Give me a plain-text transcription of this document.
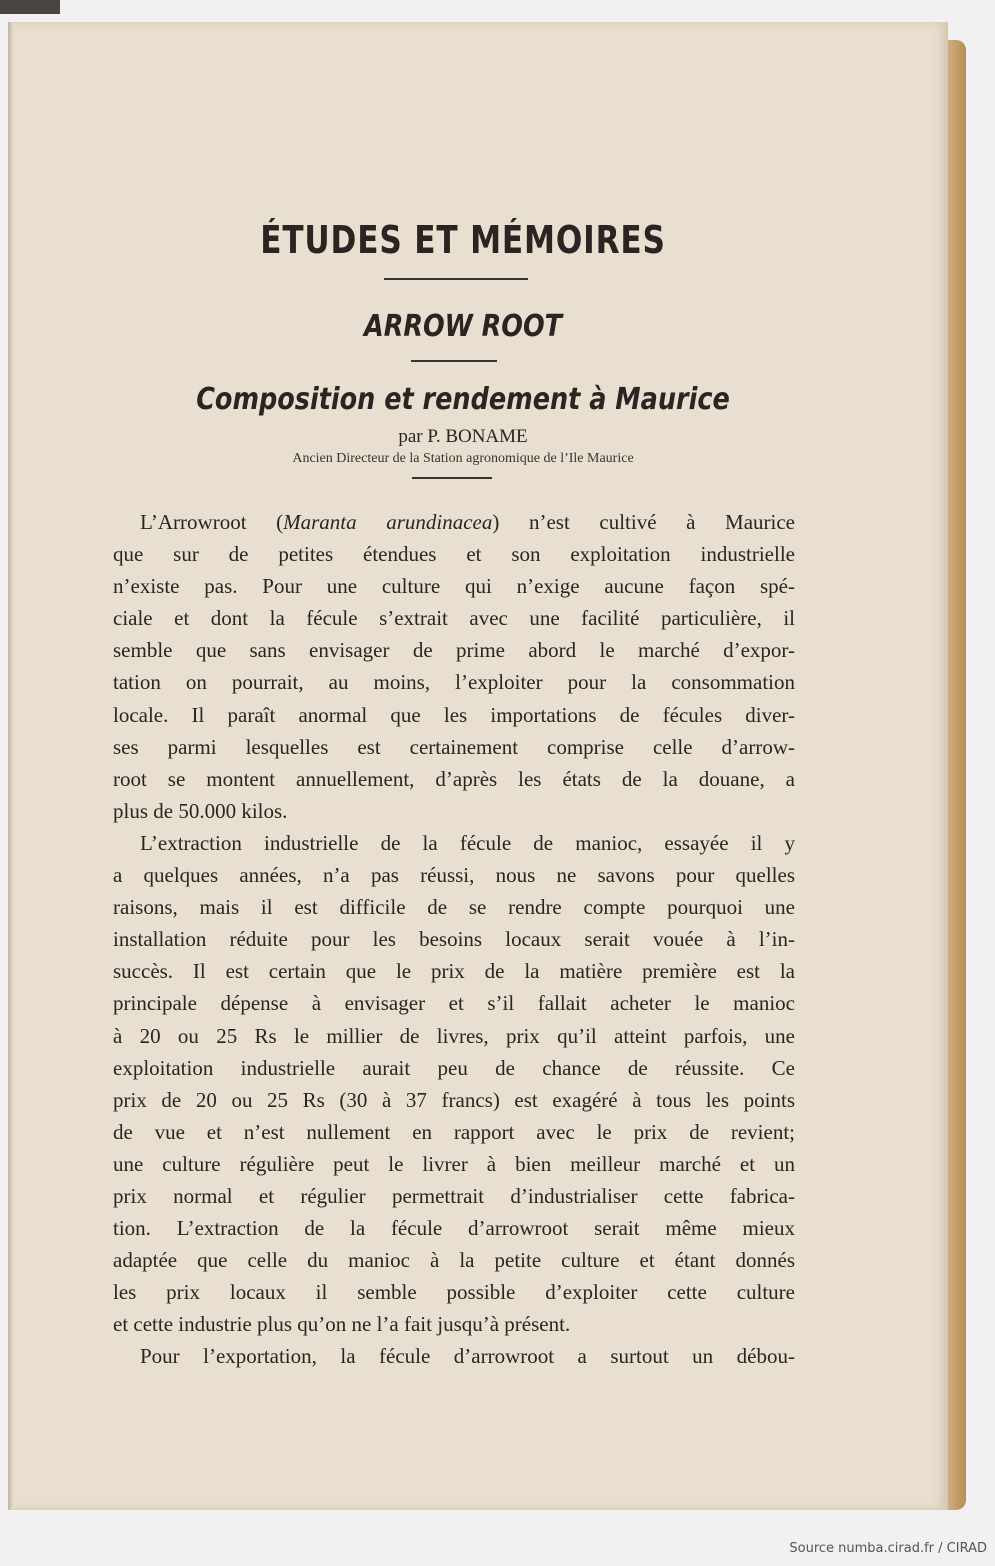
ÉTUDES ET MÉMOIRES
ARROW ROOT
Composition et rendement à Maurice
par P. BONAME
Ancien Directeur de la Station agronomique de l’Ile Maurice
L’Arrowroot (Maranta arundinacea) n’est cultivé à Maurice
que sur de petites étendues et son exploitation industrielle
n’existe pas. Pour une culture qui n’exige aucune façon spé-
ciale et dont la fécule s’extrait avec une facilité particulière, il
semble que sans envisager de prime abord le marché d’expor-
tation on pourrait, au moins, l’exploiter pour la consommation
locale. Il paraît anormal que les importations de fécules diver-
ses parmi lesquelles est certainement comprise celle d’arrow-
root se montent annuellement, d’après les états de la douane, a
plus de 50.000 kilos.
L’extraction industrielle de la fécule de manioc, essayée il y
a quelques années, n’a pas réussi, nous ne savons pour quelles
raisons, mais il est difficile de se rendre compte pourquoi une
installation réduite pour les besoins locaux serait vouée à l’in-
succès. Il est certain que le prix de la matière première est la
principale dépense à envisager et s’il fallait acheter le manioc
à 20 ou 25 Rs le millier de livres, prix qu’il atteint parfois, une
exploitation industrielle aurait peu de chance de réussite. Ce
prix de 20 ou 25 Rs (30 à 37 francs) est exagéré à tous les points
de vue et n’est nullement en rapport avec le prix de revient;
une culture régulière peut le livrer à bien meilleur marché et un
prix normal et régulier permettrait d’industrialiser cette fabrica-
tion. L’extraction de la fécule d’arrowroot serait même mieux
adaptée que celle du manioc à la petite culture et étant donnés
les prix locaux il semble possible d’exploiter cette culture
et cette industrie plus qu’on ne l’a fait jusqu’à présent.
Pour l’exportation, la fécule d’arrowroot a surtout un débou-
Source numba.cirad.fr / CIRAD
